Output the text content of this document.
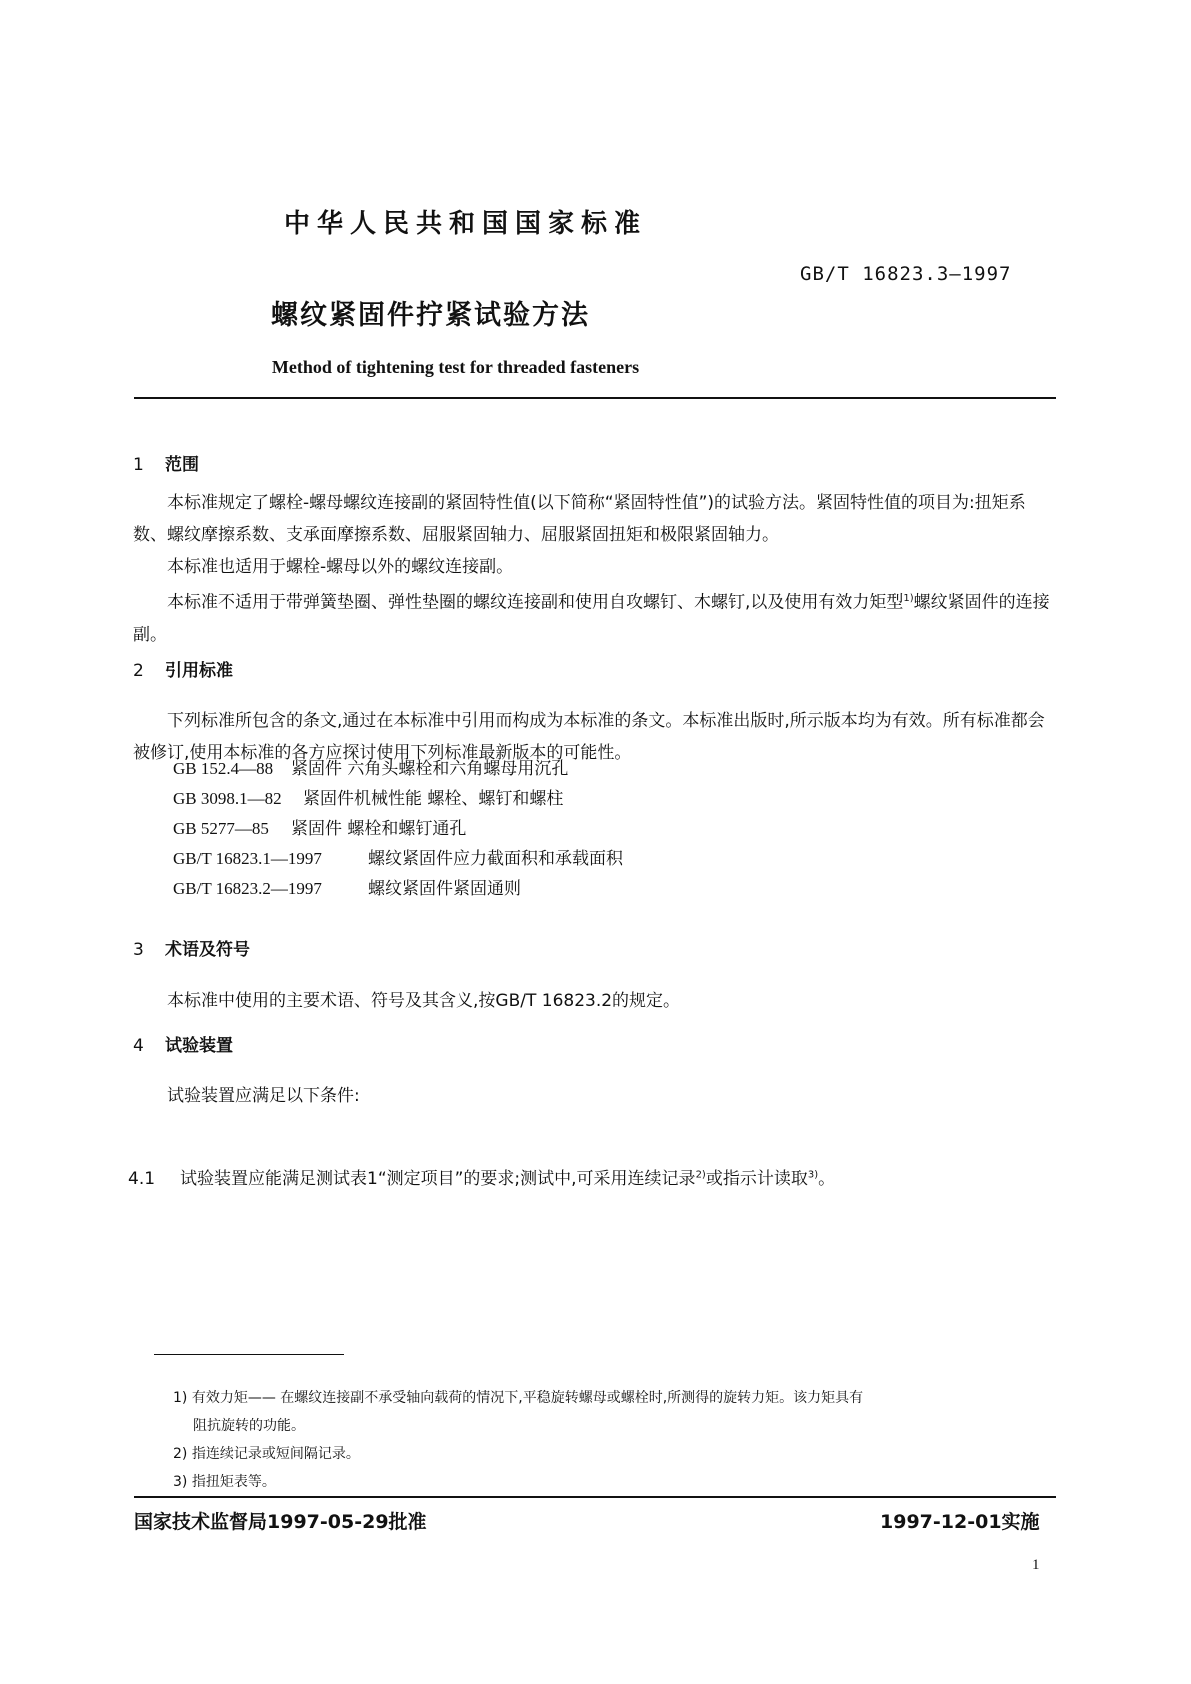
中华人民共和国国家标准
GB/T 16823.3—1997
螺纹紧固件拧紧试验方法
Method of tightening test for threaded fasteners
1 范围

本标准规定了螺栓-螺母螺纹连接副的紧固特性值(以下简称“紧固特性值”)的试验方法。紧固特性值的项目为:扭矩系数、螺纹摩擦系数、支承面摩擦系数、屈服紧固轴力、屈服紧固扭矩和极限紧固轴力。

本标准也适用于螺栓-螺母以外的螺纹连接副。

本标准不适用于带弹簧垫圈、弹性垫圈的螺纹连接副和使用自攻螺钉、木螺钉,以及使用有效力矩型$^{1)}$螺纹紧固件的连接副。

2 引用标准

下列标准所包含的条文,通过在本标准中引用而构成为本标准的条文。本标准出版时,所示版本均为有效。所有标准都会被修订,使用本标准的各方应探讨使用下列标准最新版本的可能性。

GB 152.4—88 紧固件 六角头螺栓和六角螺母用沉孔
GB 3098.1—82 紧固件机械性能 螺栓、螺钉和螺柱
GB 5277—85 紧固件 螺栓和螺钉通孔
GB/T 16823.1—1997	螺纹紧固件应力截面积和承载面积
GB/T 16823.2—1997	螺纹紧固件紧固通则
3 术语及符号

本标准中使用的主要术语、符号及其含义,按GB/T 16823.2的规定。

4 试验装置

试验装置应满足以下条件:

4.1 试验装置应能满足测试表1“测定项目”的要求;测试中,可采用连续记录$^{2)}$或指示计读取$^{3)}$。
1) 有效力矩—— 在螺纹连接副不承受轴向载荷的情况下,平稳旋转螺母或螺栓时,所测得的旋转力矩。该力矩具有
阻抗旋转的功能。
2) 指连续记录或短间隔记录。
3) 指扭矩表等。
国家技术监督局1997-05-29批准	1997-12-01实施
1
